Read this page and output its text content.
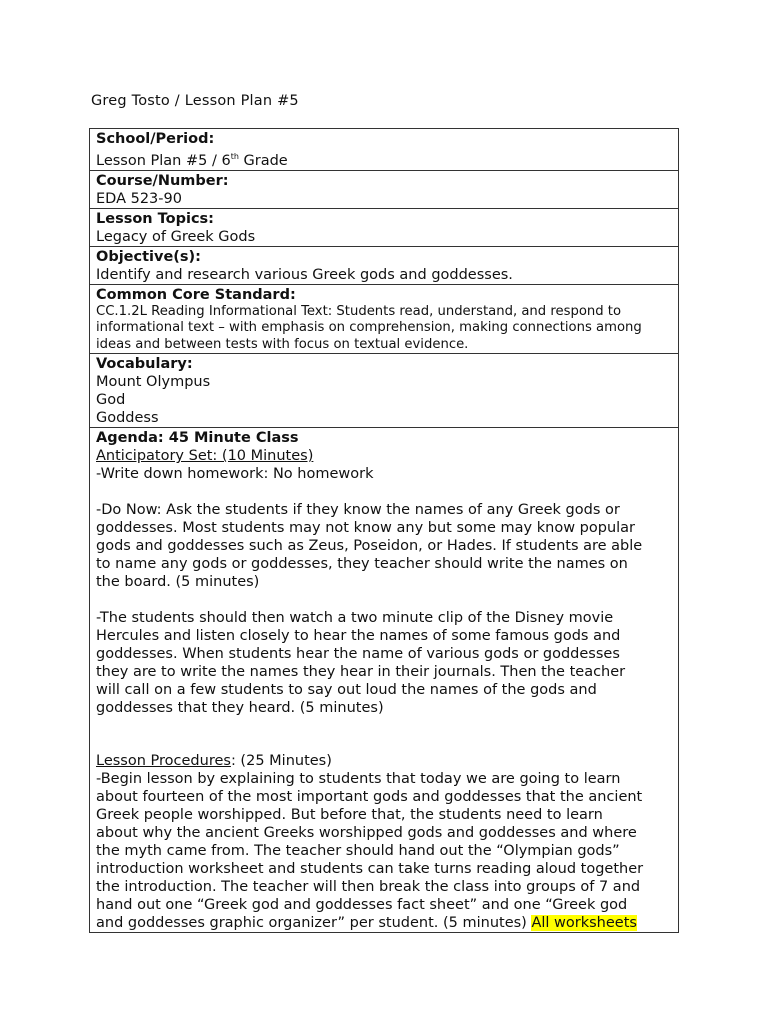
Greg Tosto / Lesson Plan #5
School/Period:
Lesson Plan #5 / 6th Grade
Course/Number:
EDA 523-90
Lesson Topics:
Legacy of Greek Gods
Objective(s):
Identify and research various Greek gods and goddesses.
Common Core Standard:
CC.1.2L Reading Informational Text: Students read, understand, and respond to
informational text – with emphasis on comprehension, making connections among
ideas and between tests with focus on textual evidence.
Vocabulary:
Mount Olympus
God
Goddess
Agenda: 45 Minute Class
Anticipatory Set: (10 Minutes)
-Write down homework: No homework
-Do Now: Ask the students if they know the names of any Greek gods or
goddesses. Most students may not know any but some may know popular
gods and goddesses such as Zeus, Poseidon, or Hades. If students are able
to name any gods or goddesses, they teacher should write the names on
the board. (5 minutes)
-The students should then watch a two minute clip of the Disney movie
Hercules and listen closely to hear the names of some famous gods and
goddesses. When students hear the name of various gods or goddesses
they are to write the names they hear in their journals. Then the teacher
will call on a few students to say out loud the names of the gods and
goddesses that they heard. (5 minutes)
Lesson Procedures: (25 Minutes)
-Begin lesson by explaining to students that today we are going to learn
about fourteen of the most important gods and goddesses that the ancient
Greek people worshipped. But before that, the students need to learn
about why the ancient Greeks worshipped gods and goddesses and where
the myth came from. The teacher should hand out the “Olympian gods”
introduction worksheet and students can take turns reading aloud together
the introduction. The teacher will then break the class into groups of 7 and
hand out one “Greek god and goddesses fact sheet” and one “Greek god
and goddesses graphic organizer” per student. (5 minutes) All worksheets
